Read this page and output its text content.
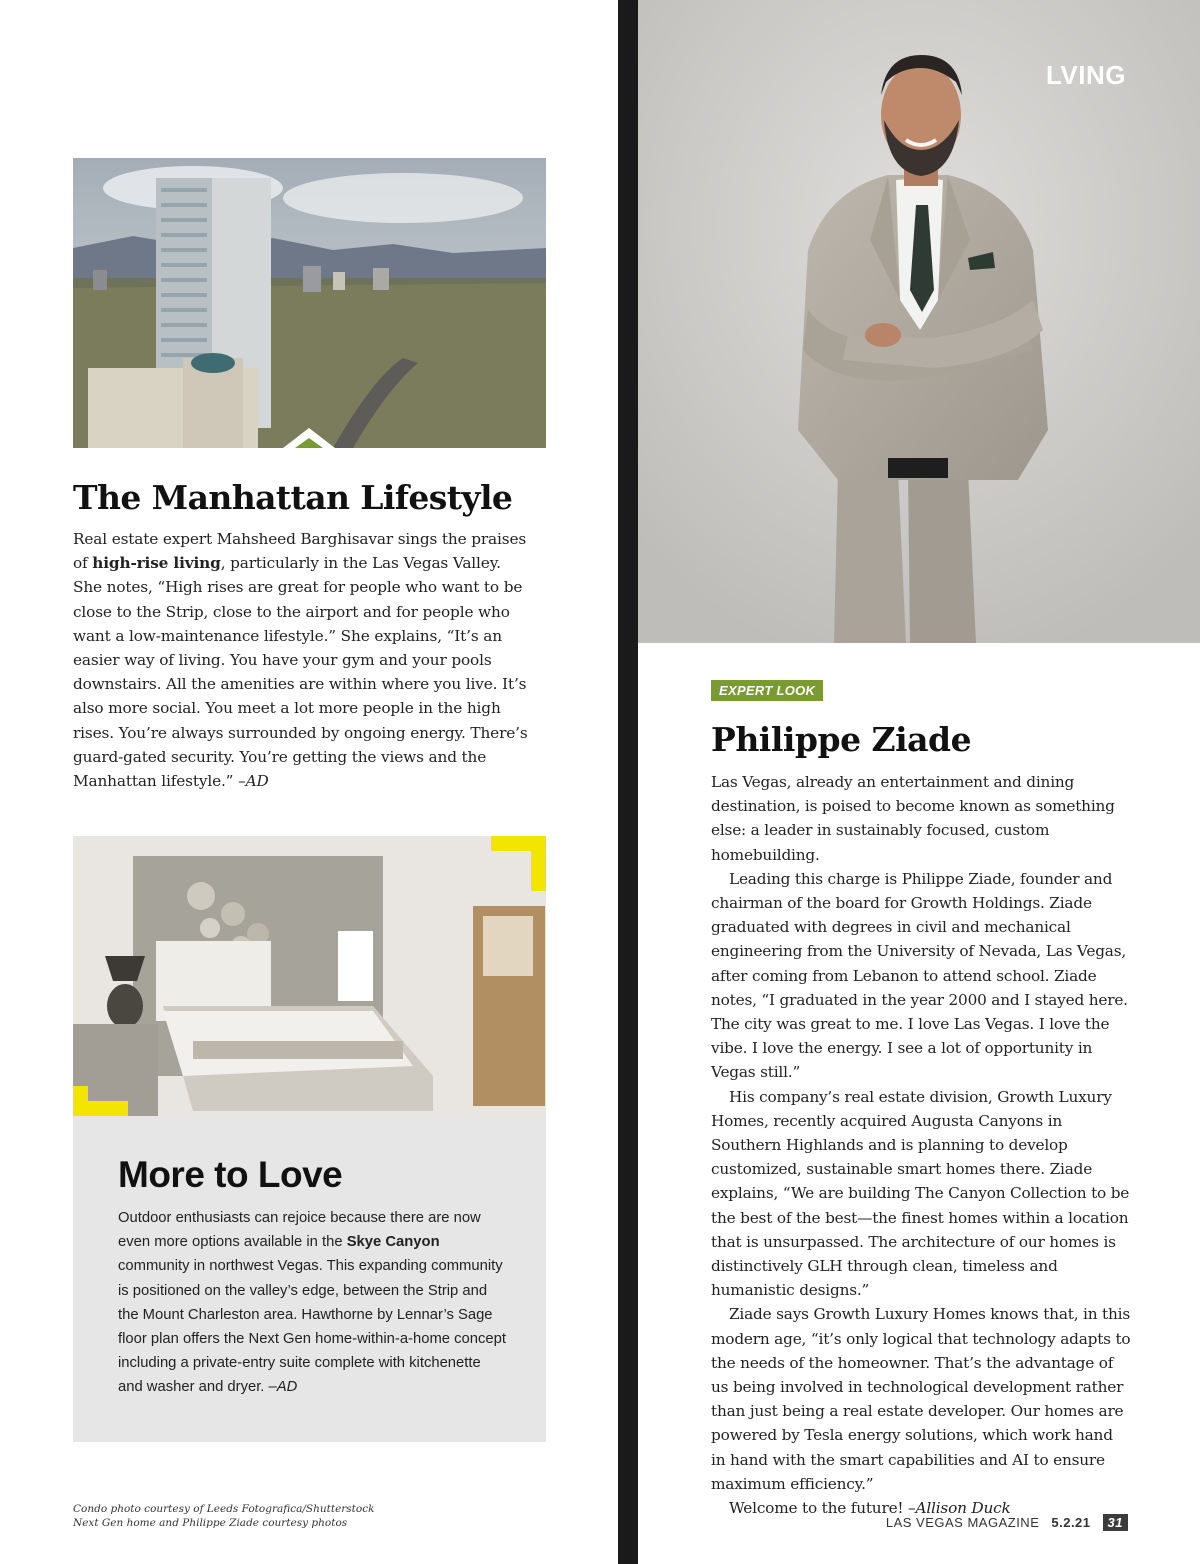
LVING
The Manhattan Lifestyle
Real estate expert Mahsheed Barghisavar sings the praises of high-rise living, particularly in the Las Vegas Valley. She notes, “High rises are great for people who want to be close to the Strip, close to the airport and for people who want a low-maintenance lifestyle.” She explains, “It’s an easier way of living. You have your gym and your pools downstairs. All the amenities are within where you live. It’s also more social. You meet a lot more people in the high rises. You’re always surrounded by ongoing energy. There’s guard-gated security. You’re getting the views and the Manhattan lifestyle.” –AD
More to Love
Outdoor enthusiasts can rejoice because there are now even more options available in the Skye Canyon community in northwest Vegas. This expanding community is positioned on the valley’s edge, between the Strip and the Mount Charleston area. Hawthorne by Lennar’s Sage floor plan offers the Next Gen home-within-a-home concept including a private-entry suite complete with kitchenette and washer and dryer. –AD
Condo photo courtesy of Leeds Fotografica/Shutterstock
Next Gen home and Philippe Ziade courtesy photos
EXPERT LOOK
Philippe Ziade

Las Vegas, already an entertainment and dining destination, is poised to become known as something else: a leader in sustainably focused, custom homebuilding.

Leading this charge is Philippe Ziade, founder and chairman of the board for Growth Holdings. Ziade graduated with degrees in civil and mechanical engineering from the University of Nevada, Las Vegas, after coming from Lebanon to attend school. Ziade notes, “I graduated in the year 2000 and I stayed here. The city was great to me. I love Las Vegas. I love the vibe. I love the energy. I see a lot of opportunity in Vegas still.”

His company’s real estate division, Growth Luxury Homes, recently acquired Augusta Canyons in Southern Highlands and is planning to develop customized, sustainable smart homes there. Ziade explains, “We are building The Canyon Collection to be the best of the best—the finest homes within a location that is unsurpassed. The architecture of our homes is distinctively GLH through clean, timeless and humanistic designs.”

Ziade says Growth Luxury Homes knows that, in this modern age, “it’s only logical that technology adapts to the needs of the homeowner. That’s the advantage of us being involved in technological development rather than just being a real estate developer. Our homes are powered by Tesla energy solutions, which work hand in hand with the smart capabilities and AI to ensure maximum efficiency.”

Welcome to the future! –Allison Duck

LAS VEGAS MAGAZINE 5.2.21	31
